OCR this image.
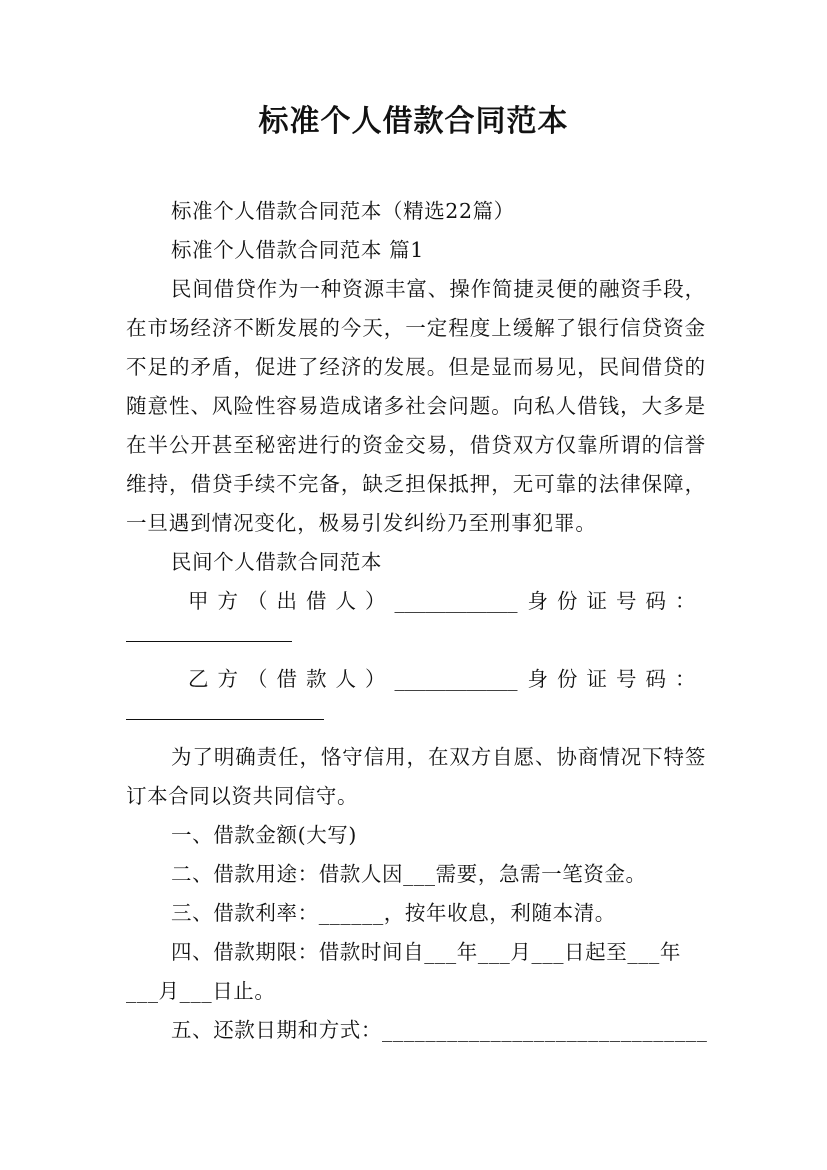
标准个人借款合同范本
标准个人借款合同范本（精选22篇）
标准个人借款合同范本 篇1
民间借贷作为一种资源丰富、操作简捷灵便的融资手段，在市场经济不断发展的今天，一定程度上缓解了银行信贷资金不足的矛盾，促进了经济的发展。但是显而易见，民间借贷的随意性、风险性容易造成诸多社会问题。向私人借钱，大多是在半公开甚至秘密进行的资金交易，借贷双方仅靠所谓的信誉维持，借贷手续不完备，缺乏担保抵押，无可靠的法律保障，一旦遇到情况变化，极易引发纠纷乃至刑事犯罪。
民间个人借款合同范本
甲方（出借人）____________ 身份证号码：
乙方（借款人）____________ 身份证号码：
为了明确责任，恪守信用，在双方自愿、协商情况下特签订本合同以资共同信守。
一、借款金额(大写)
二、借款用途：借款人因___需要，急需一笔资金。
三、借款利率：______，按年收息，利随本清。
四、借款期限：借款时间自___年___月___日起至___年
___月___日止。
五、还款日期和方式：______________________________
